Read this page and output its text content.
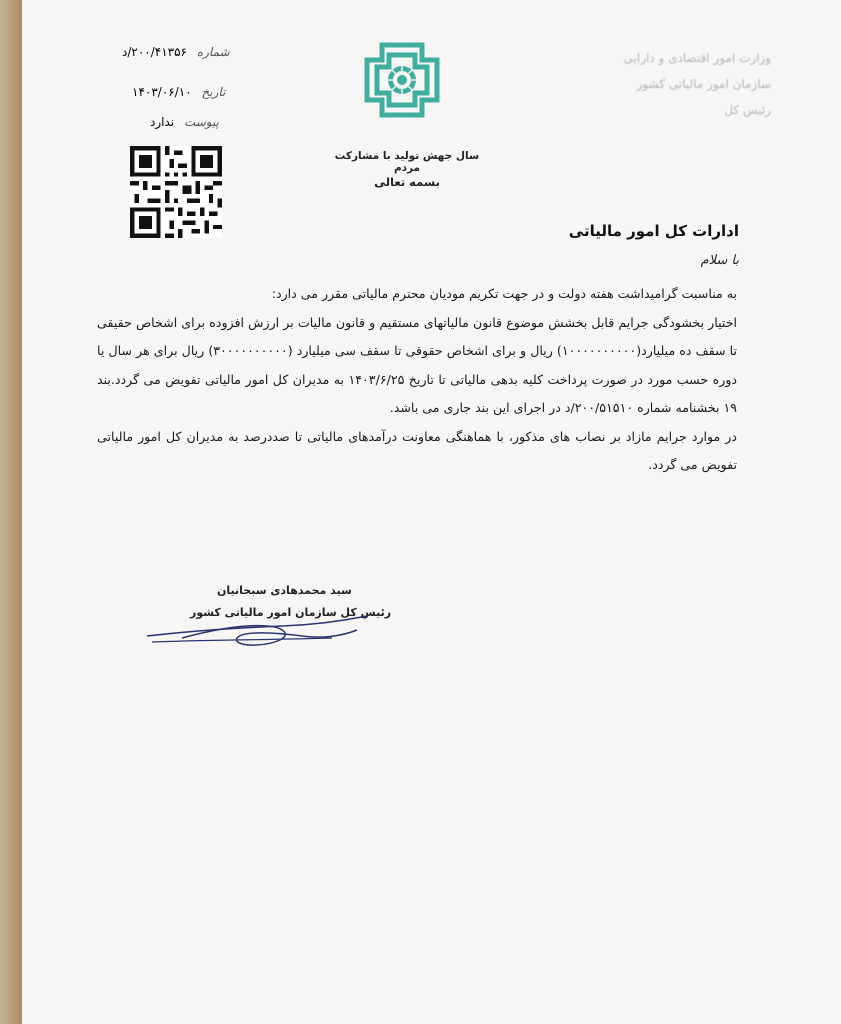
شماره ۲۰۰/۴۱۳۵۶/د
تاریخ ۱۴۰۳/۰۶/۱۰
پیوست ندارد
سال جهش تولید با مشارکت مردم
بسمه تعالی
وزارت امور اقتصادی و دارایی
سازمان امور مالیاتی کشور
رئیس کل
ادارات کل امور مالیاتی
با سلام

به مناسبت گرامیداشت هفته دولت و در جهت تکریم مودیان محترم مالیاتی مقرر می دارد:

اختیار بخشودگی جرایم قابل بخشش موضوع قانون مالیاتهای مستقیم و قانون مالیات بر ارزش افزوده برای اشخاص حقیقی تا سقف ده میلیارد(۱۰۰۰۰۰۰۰۰۰۰) ریال و برای اشخاص حقوقی تا سقف سی میلیارد (۳۰۰۰۰۰۰۰۰۰۰) ریال برای هر سال یا دوره حسب مورد در صورت پرداخت کلیه بدهی مالیاتی تا تاریخ ۱۴۰۳/۶/۲۵ به مدیران کل امور مالیاتی تفویض می گردد.بند ۱۹ بخشنامه شماره ۲۰۰/۵۱۵۱۰/د در اجرای این بند جاری می باشد.

در موارد جرایم مازاد بر نصاب های مذکور، با هماهنگی معاونت درآمدهای مالیاتی تا صددرصد به مدیران کل امور مالیاتی تفویض می گردد.

سید محمدهادی سبحانیان
رئیس کل سازمان امور مالیاتی کشور
